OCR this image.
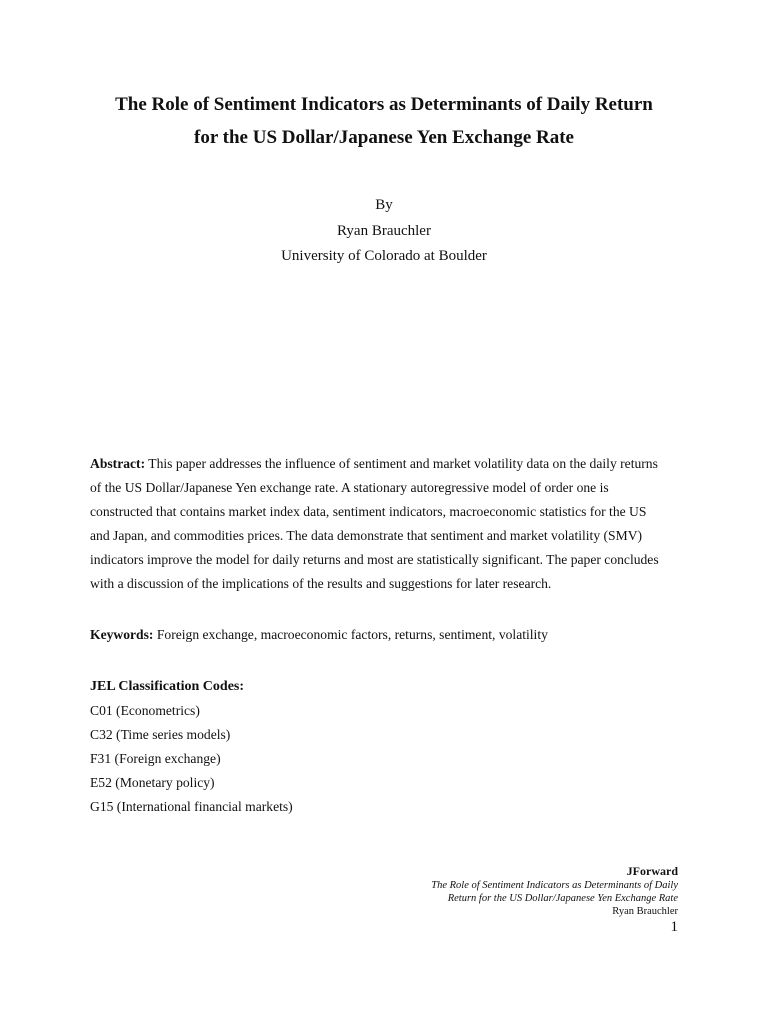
The Role of Sentiment Indicators as Determinants of Daily Return
for the US Dollar/Japanese Yen Exchange Rate
By
Ryan Brauchler
University of Colorado at Boulder
Abstract: This paper addresses the influence of sentiment and market volatility data on the daily returns
of the US Dollar/Japanese Yen exchange rate. A stationary autoregressive model of order one is
constructed that contains market index data, sentiment indicators, macroeconomic statistics for the US
and Japan, and commodities prices. The data demonstrate that sentiment and market volatility (SMV)
indicators improve the model for daily returns and most are statistically significant. The paper concludes
with a discussion of the implications of the results and suggestions for later research.
Keywords: Foreign exchange, macroeconomic factors, returns, sentiment, volatility
JEL Classification Codes:
C01 (Econometrics)
C32 (Time series models)
F31 (Foreign exchange)
E52 (Monetary policy)
G15 (International financial markets)
JForward
The Role of Sentiment Indicators as Determinants of Daily
Return for the US Dollar/Japanese Yen Exchange Rate
Ryan Brauchler
1
